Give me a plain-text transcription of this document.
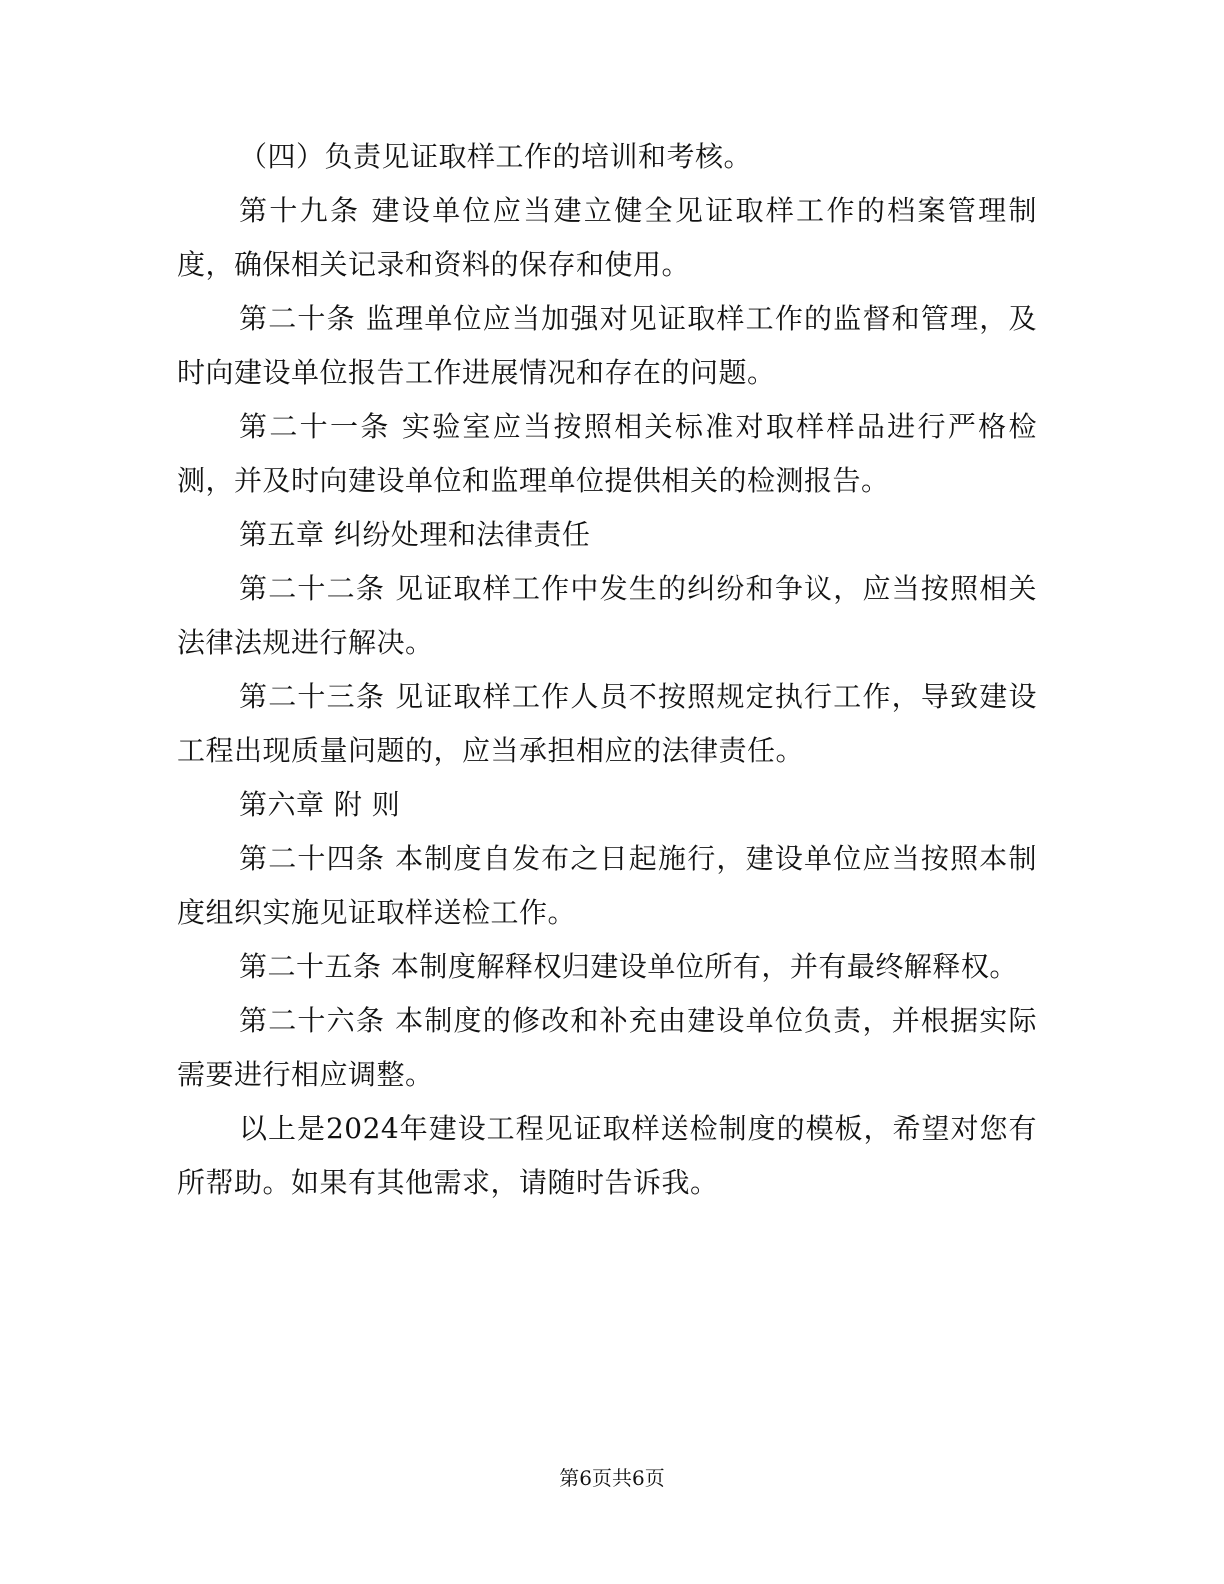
（四）负责见证取样工作的培训和考核。

第十九条 建设单位应当建立健全见证取样工作的档案管理制度，确保相关记录和资料的保存和使用。

第二十条 监理单位应当加强对见证取样工作的监督和管理，及时向建设单位报告工作进展情况和存在的问题。

第二十一条 实验室应当按照相关标准对取样样品进行严格检测，并及时向建设单位和监理单位提供相关的检测报告。

第五章 纠纷处理和法律责任

第二十二条 见证取样工作中发生的纠纷和争议，应当按照相关法律法规进行解决。

第二十三条 见证取样工作人员不按照规定执行工作，导致建设工程出现质量问题的，应当承担相应的法律责任。

第六章 附 则

第二十四条 本制度自发布之日起施行，建设单位应当按照本制度组织实施见证取样送检工作。

第二十五条 本制度解释权归建设单位所有，并有最终解释权。

第二十六条 本制度的修改和补充由建设单位负责，并根据实际需要进行相应调整。

以上是2024年建设工程见证取样送检制度的模板，希望对您有所帮助。如果有其他需求，请随时告诉我。

第6页共6页
